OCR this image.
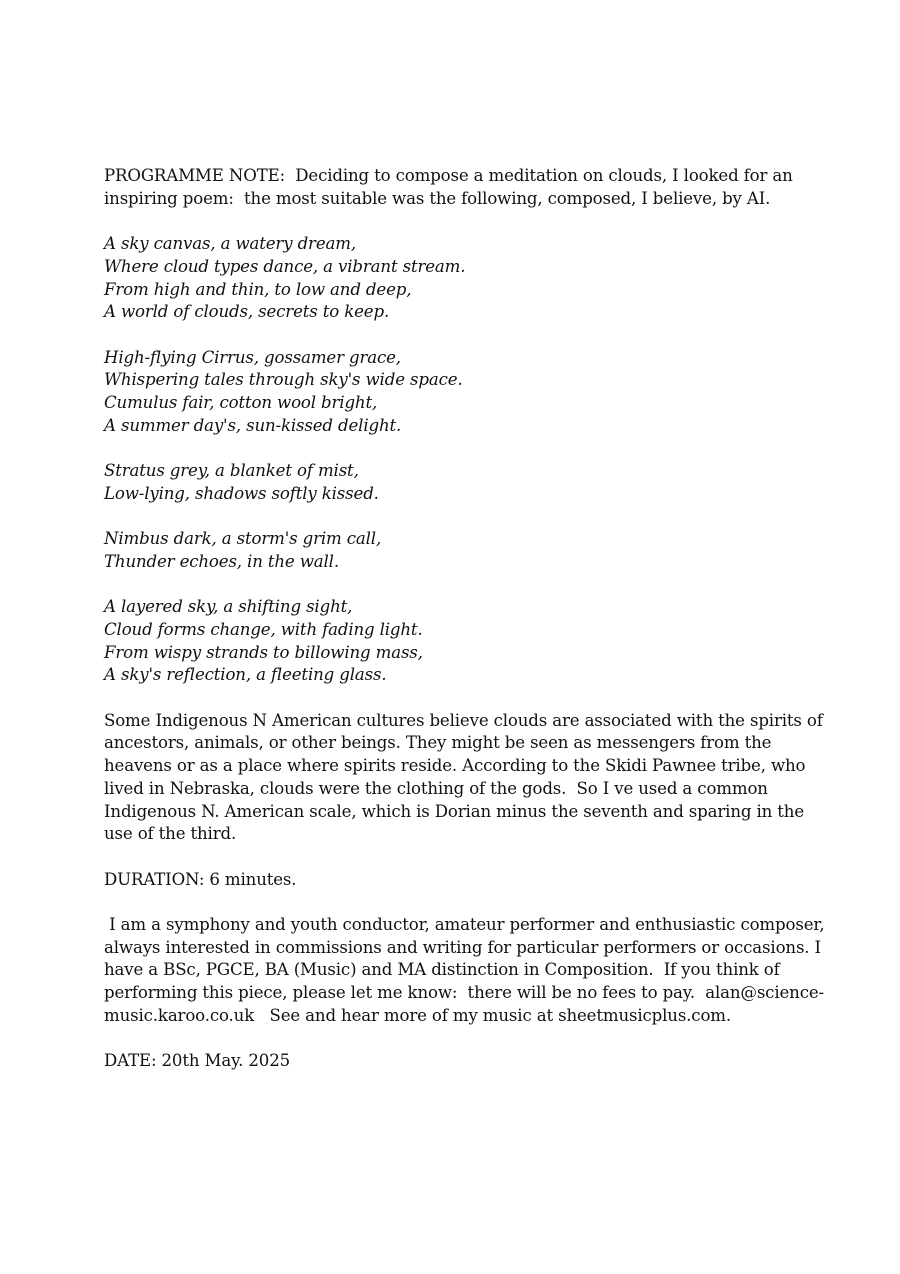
PROGRAMME NOTE:  Deciding to compose a meditation on clouds, I looked for an
inspiring poem:  the most suitable was the following, composed, I believe, by AI.

A sky canvas, a watery dream,
Where cloud types dance, a vibrant stream.
From high and thin, to low and deep,
A world of clouds, secrets to keep.

High-flying Cirrus, gossamer grace,
Whispering tales through sky's wide space.
Cumulus fair, cotton wool bright,
A summer day's, sun-kissed delight.

Stratus grey, a blanket of mist,
Low-lying, shadows softly kissed.

Nimbus dark, a storm's grim call,
Thunder echoes, in the wall.

A layered sky, a shifting sight,
Cloud forms change, with fading light.
From wispy strands to billowing mass,
A sky's reflection, a fleeting glass.

Some Indigenous N American cultures believe clouds are associated with the spirits of
ancestors, animals, or other beings. They might be seen as messengers from the
heavens or as a place where spirits reside. According to the Skidi Pawnee tribe, who
lived in Nebraska, clouds were the clothing of the gods.  So I ve used a common
Indigenous N. American scale, which is Dorian minus the seventh and sparing in the
use of the third.

DURATION: 6 minutes.

I am a symphony and youth conductor, amateur performer and enthusiastic composer,
always interested in commissions and writing for particular performers or occasions. I
have a BSc, PGCE, BA (Music) and MA distinction in Composition.  If you think of
performing this piece, please let me know:  there will be no fees to pay.  alan@science-
music.karoo.co.uk   See and hear more of my music at sheetmusicplus.com.

DATE: 20th May. 2025
